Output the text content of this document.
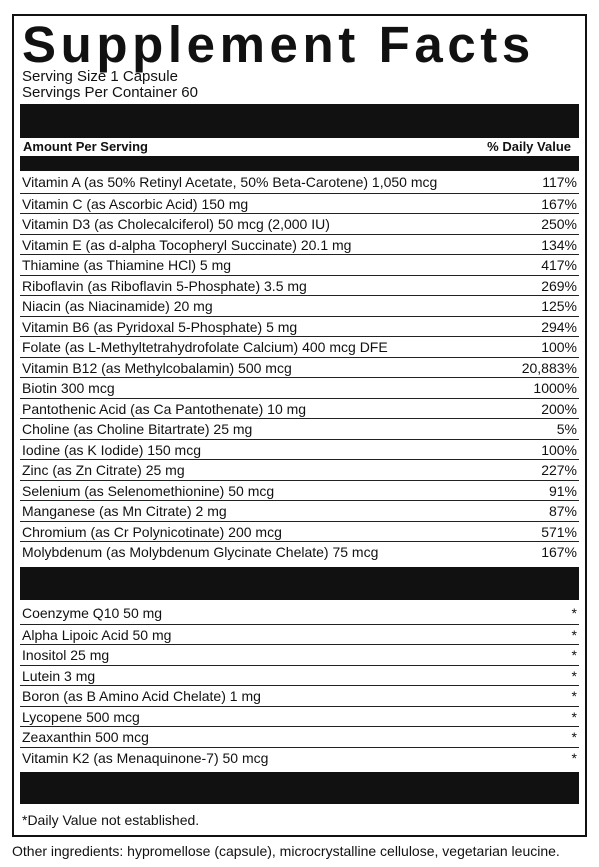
Supplement Facts
Serving Size 1 Capsule
Servings Per Container 60
Amount Per Serving	% Daily Value
Vitamin A (as 50% Retinyl Acetate, 50% Beta-Carotene) 1,050 mcg	117%
Vitamin C (as Ascorbic Acid) 150 mg	167%
Vitamin D3 (as Cholecalciferol) 50 mcg (2,000 IU)	250%
Vitamin E (as d-alpha Tocopheryl Succinate) 20.1 mg	134%
Thiamine (as Thiamine HCl) 5 mg	417%
Riboflavin (as Riboflavin 5-Phosphate) 3.5 mg	269%
Niacin (as Niacinamide) 20 mg	125%
Vitamin B6 (as Pyridoxal 5-Phosphate) 5 mg	294%
Folate (as L-Methyltetrahydrofolate Calcium) 400 mcg DFE	100%
Vitamin B12 (as Methylcobalamin) 500 mcg	20,883%
Biotin 300 mcg	1000%
Pantothenic Acid (as Ca Pantothenate) 10 mg	200%
Choline (as Choline Bitartrate) 25 mg	5%
Iodine (as K Iodide) 150 mcg	100%
Zinc (as Zn Citrate) 25 mg	227%
Selenium (as Selenomethionine) 50 mcg	91%
Manganese (as Mn Citrate) 2 mg	87%
Chromium (as Cr Polynicotinate) 200 mcg	571%
Molybdenum (as Molybdenum Glycinate Chelate) 75 mcg	167%
Coenzyme Q10 50 mg	*
Alpha Lipoic Acid 50 mg	*
Inositol 25 mg	*
Lutein 3 mg	*
Boron (as B Amino Acid Chelate) 1 mg	*
Lycopene 500 mcg	*
Zeaxanthin 500 mcg	*
Vitamin K2 (as Menaquinone-7) 50 mcg	*
*Daily Value not established.
Other ingredients: hypromellose (capsule), microcrystalline cellulose, vegetarian leucine.
